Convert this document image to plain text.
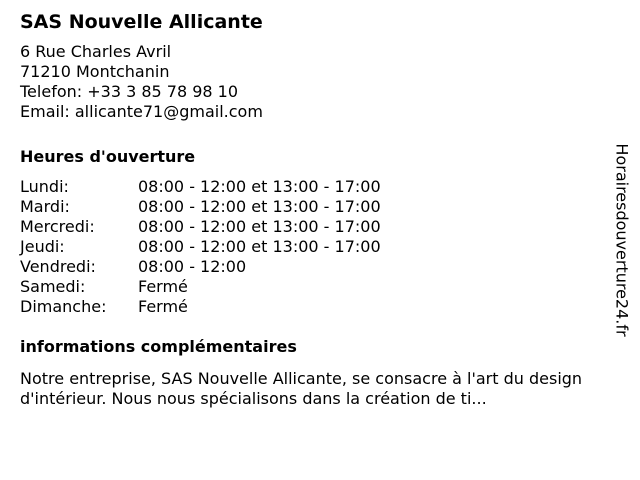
SAS Nouvelle Allicante
6 Rue Charles Avril
71210 Montchanin
Telefon: +33 3 85 78 98 10
Email: allicante71@gmail.com
Heures d'ouverture
Lundi:	08:00 - 12:00 et 13:00 - 17:00
Mardi:	08:00 - 12:00 et 13:00 - 17:00
Mercredi:	08:00 - 12:00 et 13:00 - 17:00
Jeudi:	08:00 - 12:00 et 13:00 - 17:00
Vendredi:	08:00 - 12:00
Samedi:	Fermé
Dimanche:	Fermé
informations complémentaires

Notre entreprise, SAS Nouvelle Allicante, se consacre à l'art du design d'intérieur. Nous nous spécialisons dans la création de ti...

Horairesdouverture24.fr
